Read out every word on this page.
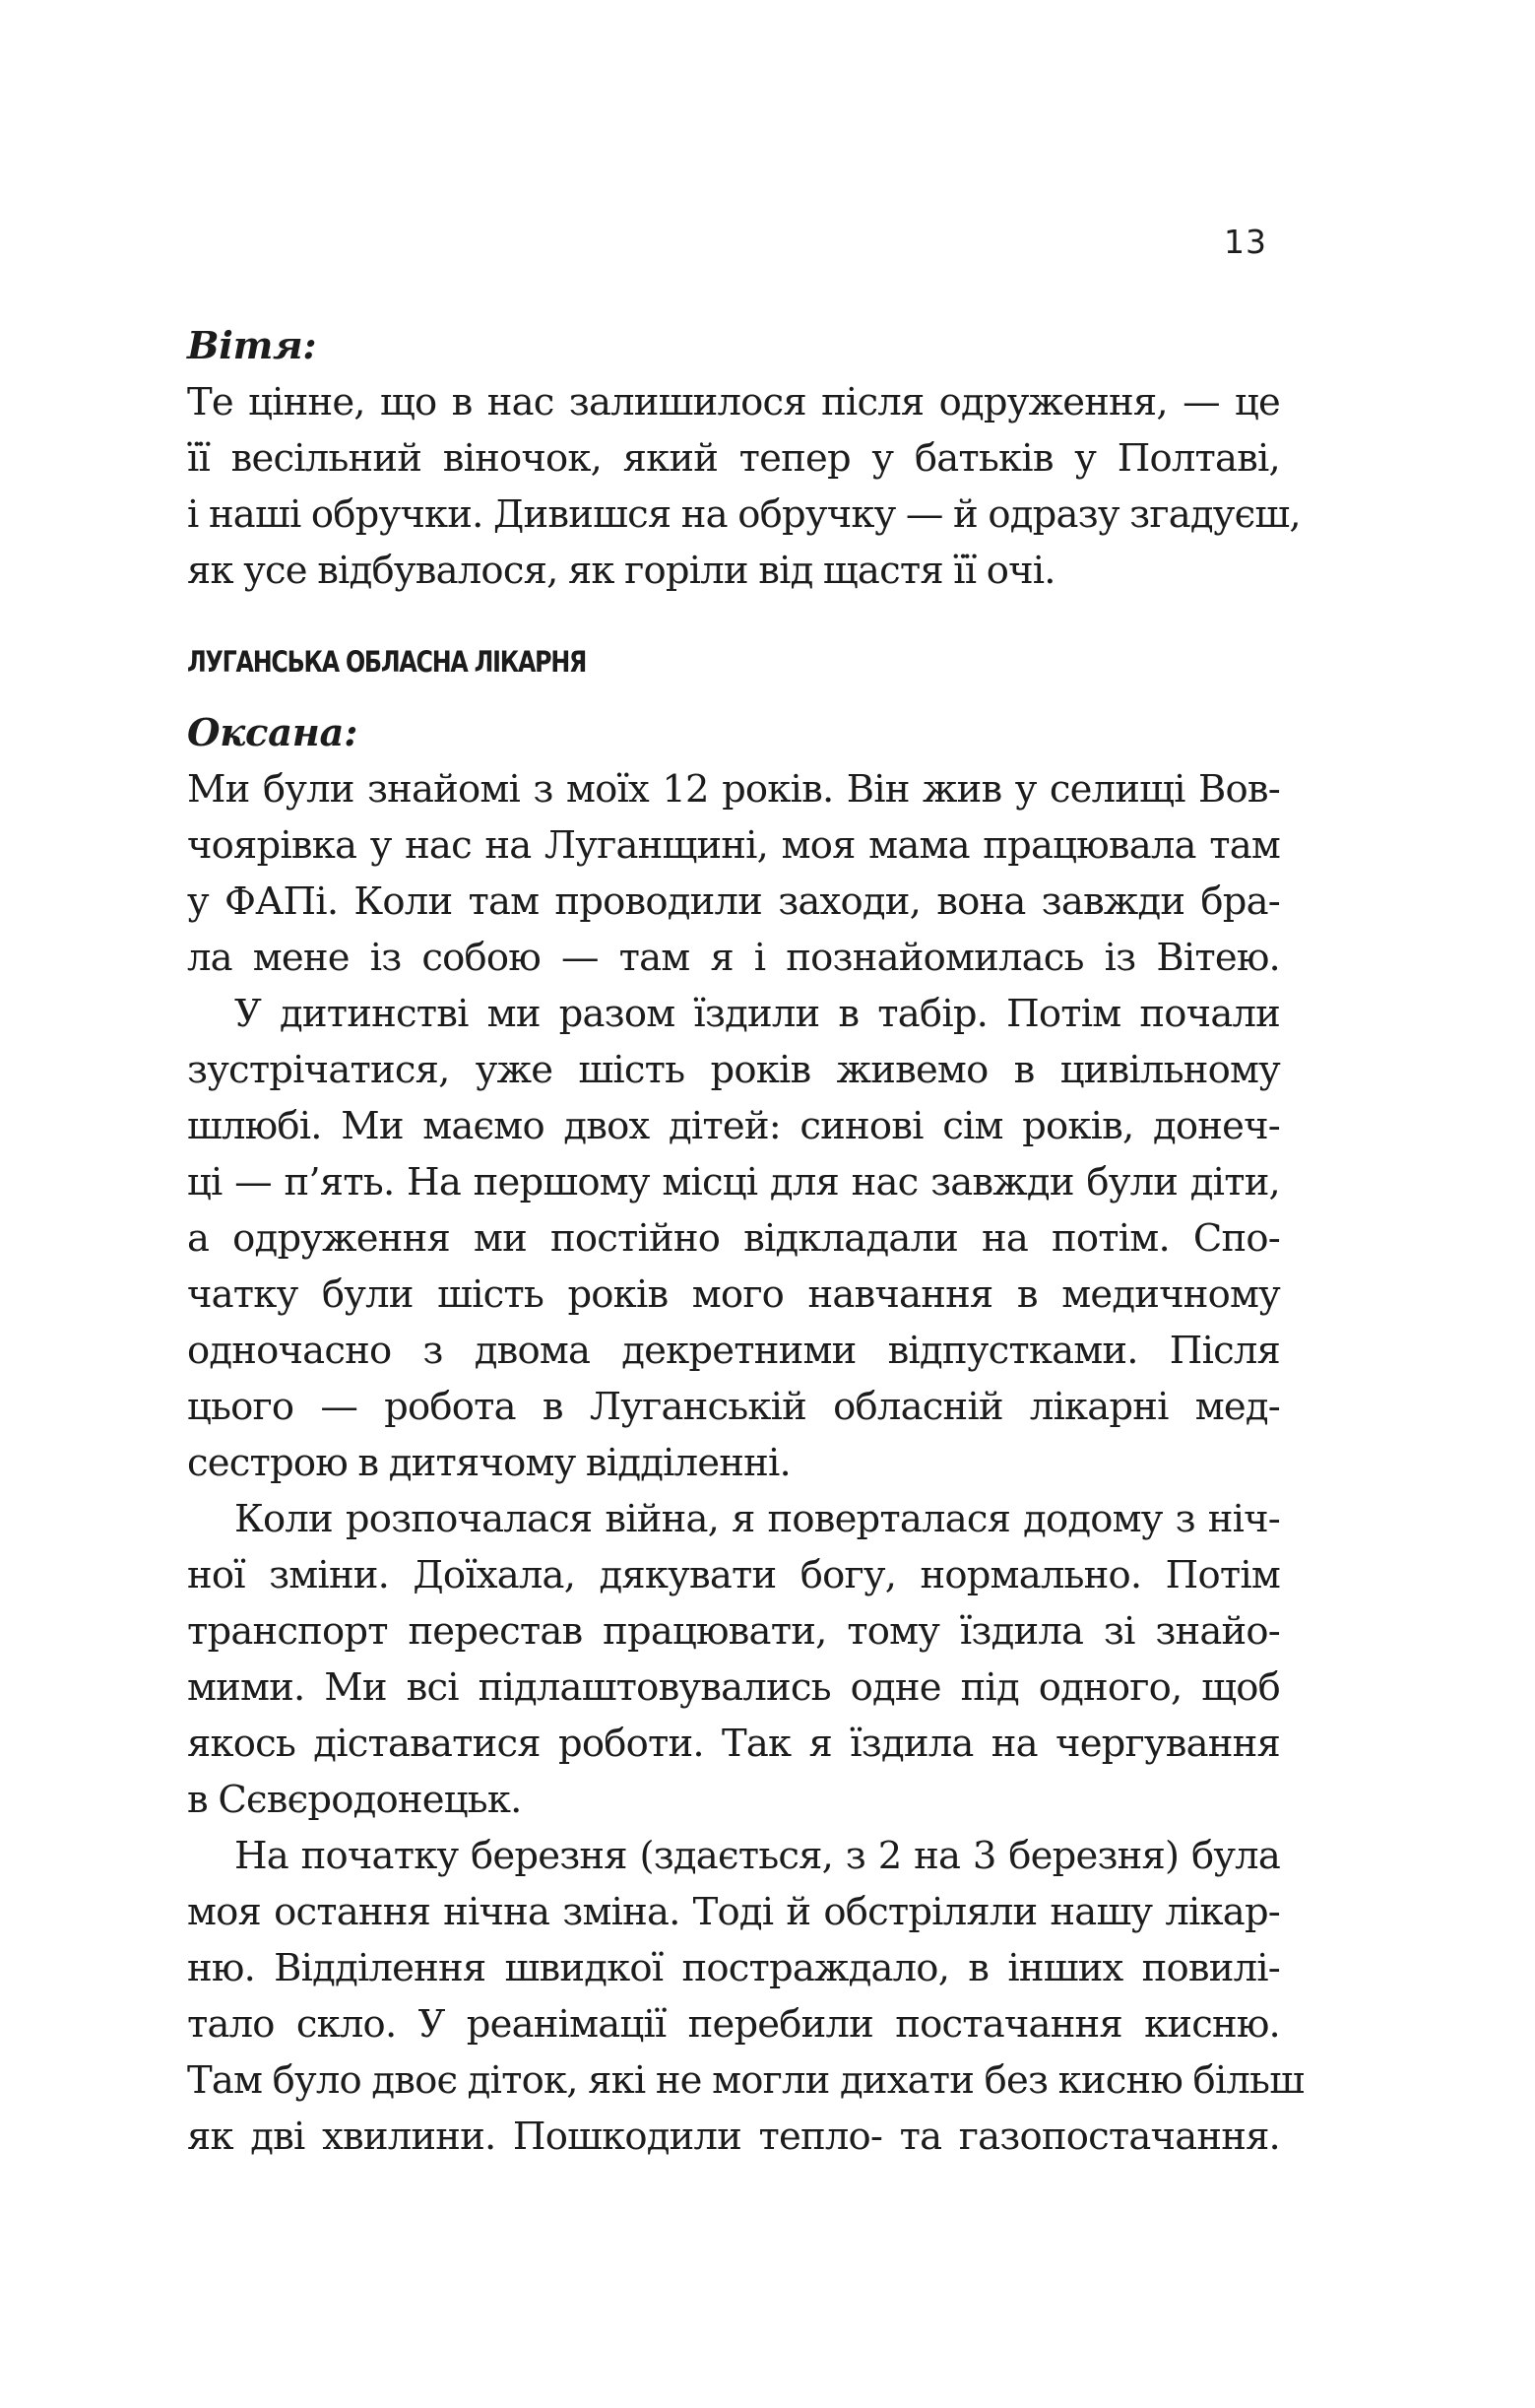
13
Вітя:
Те цінне, що в нас залишилося після одруження, — це
її весільний віночок, який тепер у батьків у Полтаві,
і наші обручки. Дивишся на обручку — й одразу згадуєш,
як усе відбувалося, як горіли від щастя її очі.
ЛУГАНСЬКА ОБЛАСНА ЛІКАРНЯ
Оксана:
Ми були знайомі з моїх 12 років. Він жив у селищі Вов-
чоярівка у нас на Луганщині, моя мама працювала там
у ФАПі. Коли там проводили заходи, вона завжди бра-
ла мене із собою — там я і познайомилась із Вітею.
У дитинстві ми разом їздили в табір. Потім почали
зустрічатися, уже шість років живемо в цивільному
шлюбі. Ми маємо двох дітей: синові сім років, донеч-
ці — п’ять. На першому місці для нас завжди були діти,
а одруження ми постійно відкладали на потім. Спо-
чатку були шість років мого навчання в медичному
одночасно з двома декретними відпустками. Після
цього — робота в Луганській обласній лікарні мед-
сестрою в дитячому відділенні.
Коли розпочалася війна, я поверталася додому з ніч-
ної зміни. Доїхала, дякувати богу, нормально. Потім
транспорт перестав працювати, тому їздила зі знайо-
мими. Ми всі підлаштовувались одне під одного, щоб
якось діставатися роботи. Так я їздила на чергування
в Сєвєродонецьк.
На початку березня (здається, з 2 на 3 березня) була
моя остання нічна зміна. Тоді й обстріляли нашу лікар-
ню. Відділення швидкої постраждало, в інших повилі-
тало скло. У реанімації перебили постачання кисню.
Там було двоє діток, які не могли дихати без кисню більш
як дві хвилини. Пошкодили тепло- та газопостачання.
